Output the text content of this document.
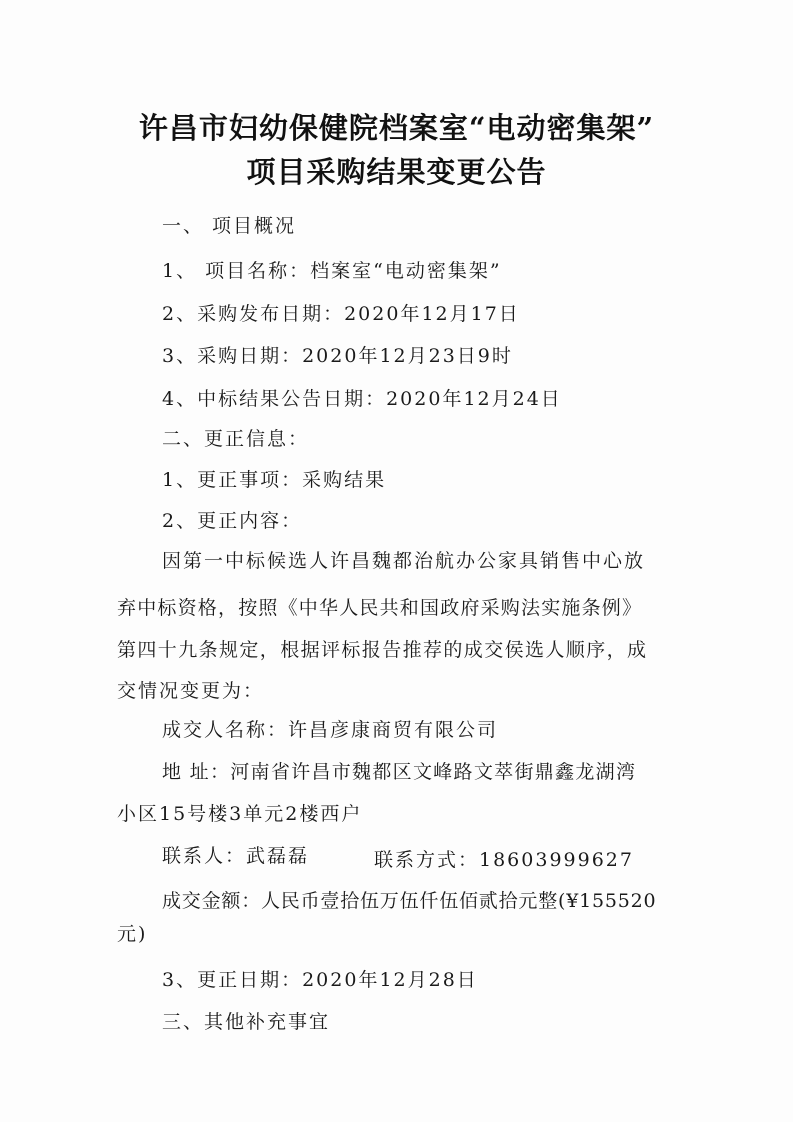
许昌市妇幼保健院档案室“电动密集架”
项目采购结果变更公告

一、 项目概况

1、 项目名称：档案室“电动密集架”

2、采购发布日期：2020年12月17日

3、采购日期：2020年12月23日9时

4、中标结果公告日期：2020年12月24日

二、更正信息：

1、更正事项：采购结果

2、更正内容：

因第一中标候选人许昌魏都治航办公家具销售中心放

弃中标资格，按照《中华人民共和国政府采购法实施条例》

第四十九条规定，根据评标报告推荐的成交侯选人顺序，成

交情况变更为：

成交人名称：许昌彦康商贸有限公司

地 址：河南省许昌市魏都区文峰路文萃街鼎鑫龙湖湾

小区15号楼3单元2楼西户

联系人：武磊磊	联系方式：18603999627

成交金额：人民币壹拾伍万伍仟伍佰贰拾元整(¥155520

元)

3、更正日期：2020年12月28日

三、其他补充事宜
